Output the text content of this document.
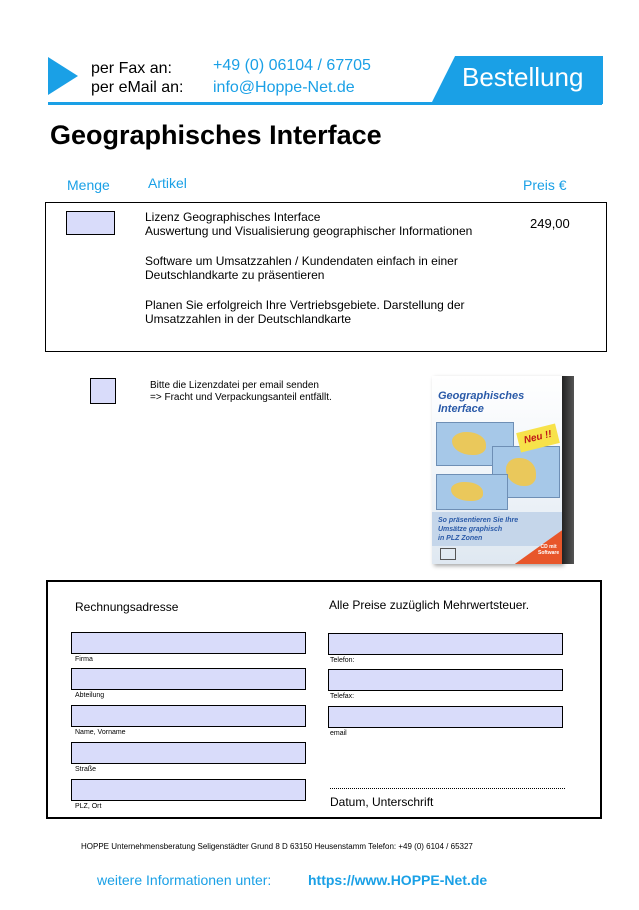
per Fax an:
per eMail an:
+49 (0) 06104 / 67705
info@Hoppe-Net.de	Bestellung
Geographisches Interface
Menge	Artikel	Preis €
Lizenz Geographisches Interface
Auswertung und Visualisierung geographischer Informationen
Software um Umsatzzahlen / Kundendaten einfach in einer
Deutschlandkarte zu präsentieren
Planen Sie erfolgreich Ihre Vertriebsgebiete. Darstellung der
Umsatzzahlen in der Deutschlandkarte
249,00
Bitte die Lizenzdatei per email senden
=> Fracht und Verpackungsanteil entfällt.	Geographisches
Interface
Neu !!
So präsentieren Sie Ihre
Umsätze graphisch
in PLZ Zonen
CD mit
Software
Rechnungsadresse	Alle Preise zuzüglich Mehrwertsteuer.
Firma
Abteilung
Name, Vorname
Straße
PLZ, Ort
Telefon:
Telefax:
email
Datum, Unterschrift
HOPPE Unternehmensberatung Seligenstädter Grund 8 D 63150 Heusenstamm Telefon: +49 (0) 6104 / 65327
weitere Informationen unter:	https://www.HOPPE-Net.de
